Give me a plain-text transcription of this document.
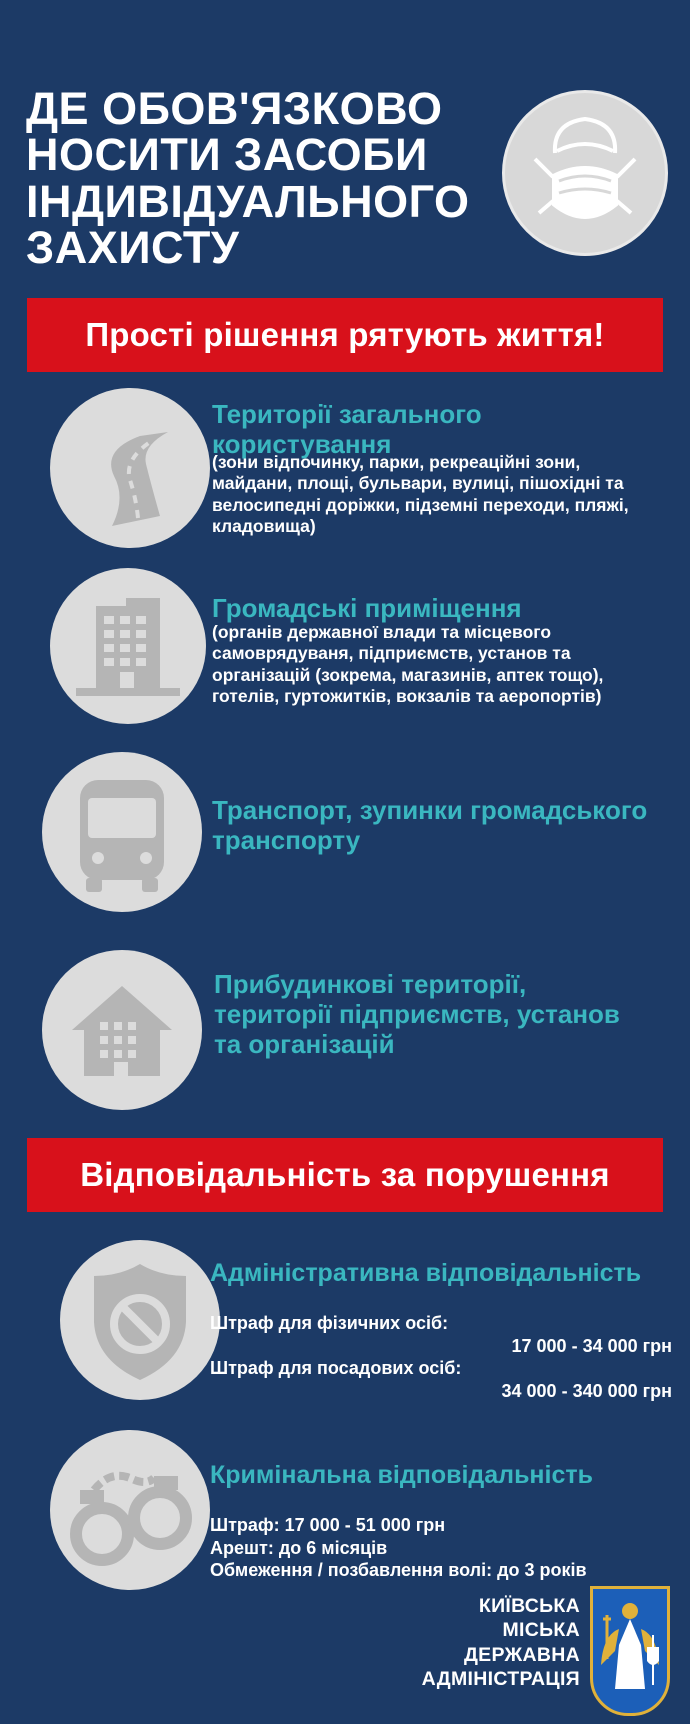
ДЕ ОБОВ'ЯЗКОВО
НОСИТИ ЗАСОБИ
ІНДИВІДУАЛЬНОГО
ЗАХИСТУ
Прості рішення рятують життя!
Території загального
користування
(зони відпочинку, парки, рекреаційні зони, майдани, площі, бульвари, вулиці, пішохідні та велосипедні доріжки, підземні переходи, пляжі, кладовища)
Громадські приміщення
(органів державної влади та місцевого самоврядуваня, підприємств, установ та організацій (зокрема, магазинів, аптек тощо), готелів, гуртожитків, вокзалів та аеропортів)
Транспорт, зупинки громадського
транспорту
Прибудинкові території,
території підприємств, установ
та організацій
Відповідальність за порушення
Адміністративна відповідальність
Штраф для фізичних осіб:
17 000 - 34 000 грн
Штраф для посадових осіб:
34 000 - 340 000 грн
Кримінальна відповідальність
Штраф: 17 000 - 51 000 грн
Арешт: до 6 місяців
Обмеження / позбавлення волі: до 3 років
КИЇВСЬКА
МІСЬКА
ДЕРЖАВНА
АДМІНІСТРАЦІЯ
